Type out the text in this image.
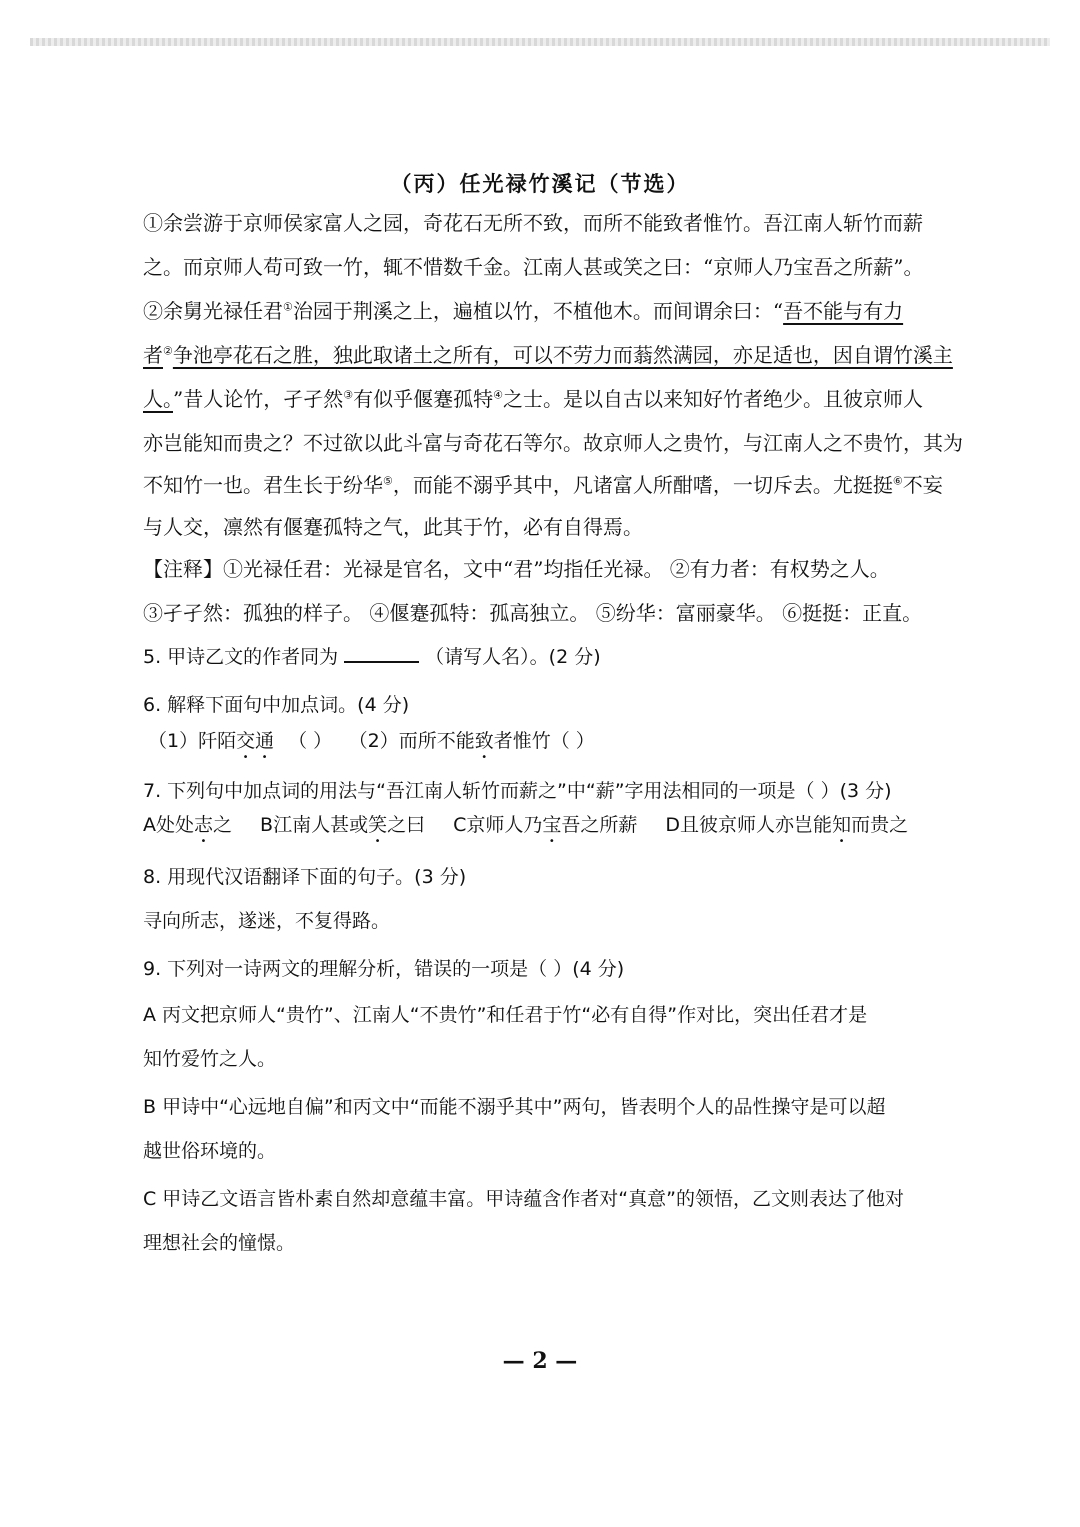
（丙）任光禄竹溪记（节选）
①余尝游于京师侯家富人之园，奇花石无所不致，而所不能致者惟竹。吾江南人斩竹而薪
之。而京师人苟可致一竹，辄不惜数千金。江南人甚或笑之曰：“京师人乃宝吾之所薪”。
②余舅光禄任君①治园于荆溪之上，遍植以竹，不植他木。而间谓余曰：“吾不能与有力
者②争池亭花石之胜，独此取诸土之所有，可以不劳力而蓊然满园，亦足适也，因自谓竹溪主
人。”昔人论竹，孑孑然③有似乎偃蹇孤特④之士。是以自古以来知好竹者绝少。且彼京师人
亦岂能知而贵之？不过欲以此斗富与奇花石等尔。故京师人之贵竹，与江南人之不贵竹，其为
不知竹一也。君生长于纷华⑤，而能不溺乎其中，凡诸富人所酣嗜，一切斥去。尤挺挺⑥不妄
与人交，凛然有偃蹇孤特之气，此其于竹，必有自得焉。
【注释】①光禄任君：光禄是官名，文中“君”均指任光禄。 ②有力者：有权势之人。
③孑孑然：孤独的样子。 ④偃蹇孤特：孤高独立。 ⑤纷华：富丽豪华。 ⑥挺挺：正直。
5. 甲诗乙文的作者同为	（请写人名）。(2 分)
6. 解释下面句中加点词。(4 分)
（1）阡陌交通 （ ） （2）而所不能致者惟竹（ ）
7. 下列句中加点词的用法与“吾江南人斩竹而薪之”中“薪”字用法相同的一项是（ ）(3 分)
A处处志之 B江南人甚或笑之曰 C京师人乃宝吾之所薪 D且彼京师人亦岂能知而贵之
8. 用现代汉语翻译下面的句子。(3 分)
寻向所志，遂迷，不复得路。
9. 下列对一诗两文的理解分析，错误的一项是（ ）(4 分)
A 丙文把京师人“贵竹”、江南人“不贵竹”和任君于竹“必有自得”作对比，突出任君才是
知竹爱竹之人。
B 甲诗中“心远地自偏”和丙文中“而能不溺乎其中”两句，皆表明个人的品性操守是可以超
越世俗环境的。
C 甲诗乙文语言皆朴素自然却意蕴丰富。甲诗蕴含作者对“真意”的领悟，乙文则表达了他对
理想社会的憧憬。
— 2 —
